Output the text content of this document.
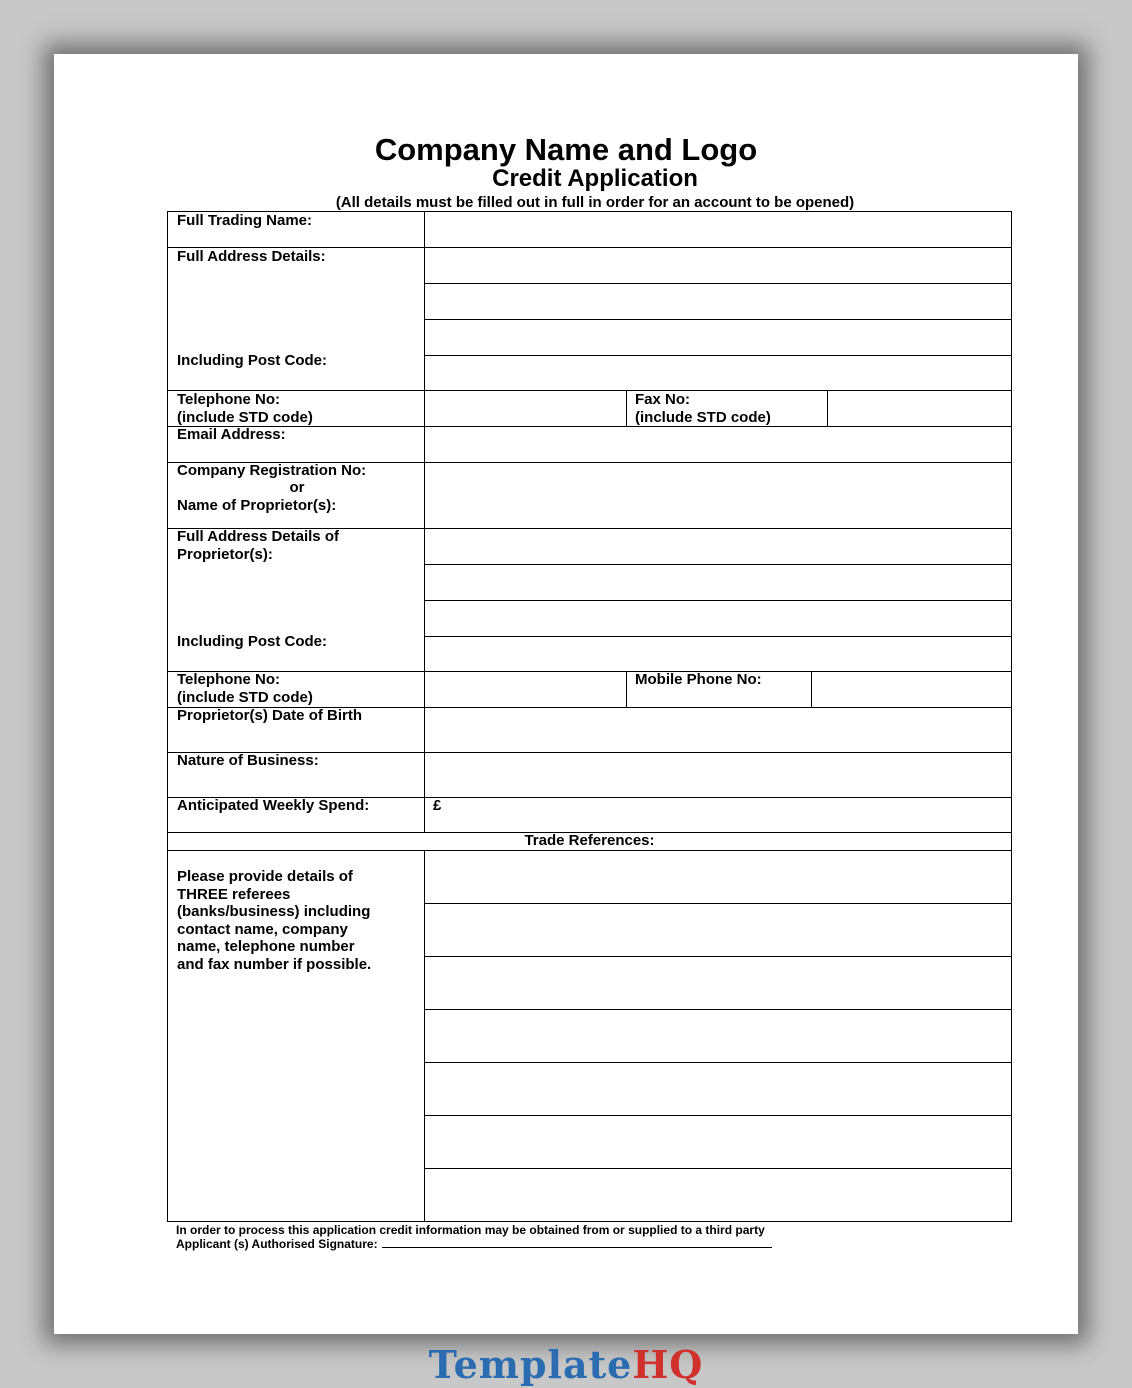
Company Name and Logo
Credit Application
(All details must be filled out in full in order for an account to be opened)
Full Trading Name:
Full Address Details:
Including Post Code:
Telephone No:
(include STD code)
Fax No:
(include STD code)
Email Address:
Company Registration No:
or
Name of Proprietor(s):
Full Address Details of
Proprietor(s):
Including Post Code:
Telephone No:
(include STD code)
Mobile Phone No:
Proprietor(s) Date of Birth
Nature of Business:
Anticipated Weekly Spend:	£
Trade References:
Please provide details of
THREE referees
(banks/business) including
contact name, company
name, telephone number
and fax number if possible.
In order to process this application credit information may be obtained from or supplied to a third party
Applicant (s) Authorised Signature:
TemplateHQ
